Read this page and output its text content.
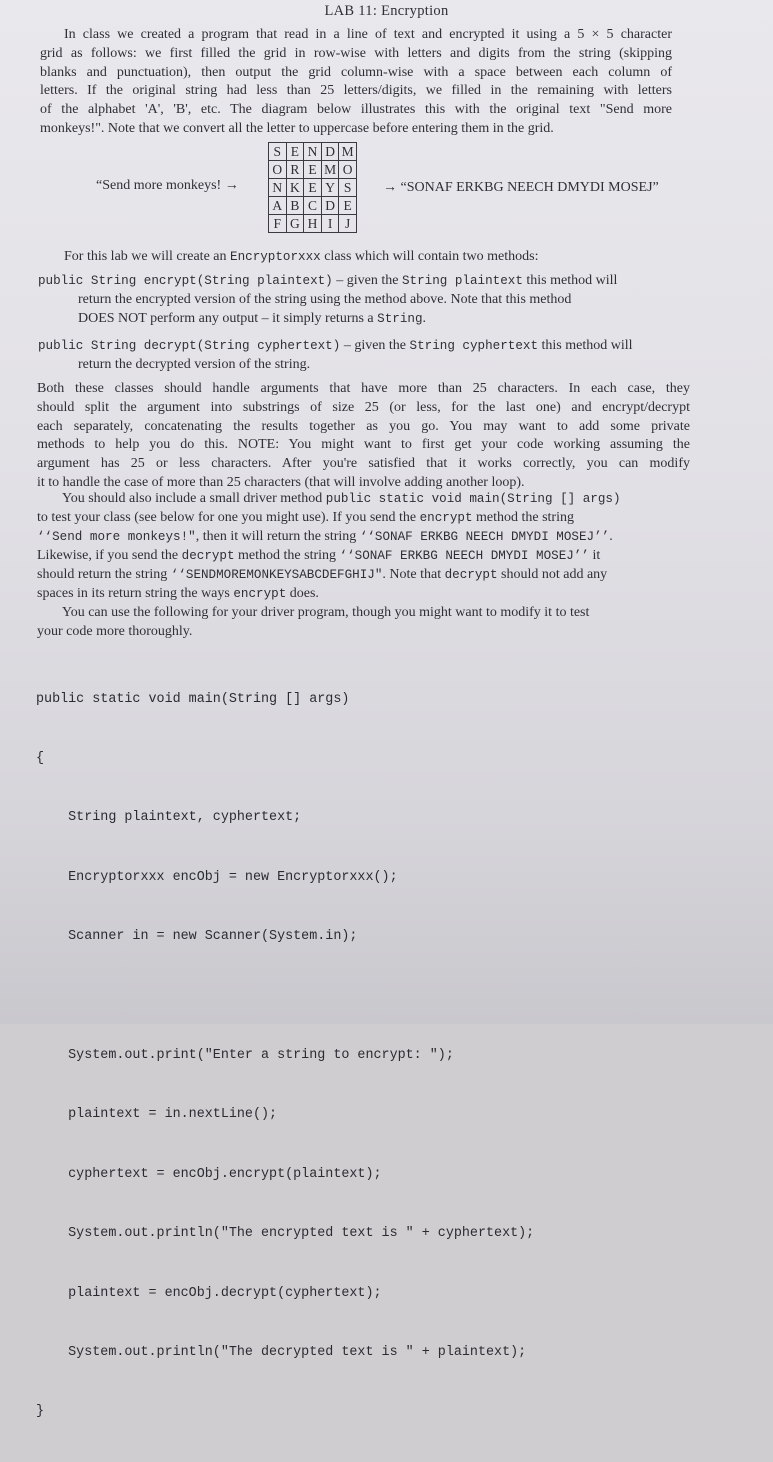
LAB 11: Encryption
In class we created a program that read in a line of text and encrypted it using a 5 × 5 character
grid as follows: we first filled the grid in row-wise with letters and digits from the string (skipping
blanks and punctuation), then output the grid column-wise with a space between each column of
letters. If the original string had less than 25 letters/digits, we filled in the remaining with letters
of the alphabet 'A', 'B', etc. The diagram below illustrates this with the original text "Send more
monkeys!". Note that we convert all the letter to uppercase before entering them in the grid.
“Send more monkeys! →
S	E	N	D	M
O	R	E	M	O
N	K	E	Y	S
A	B	C	D	E
F	G	H	I	J
→ “SONAF ERKBG NEECH DMYDI MOSEJ”
For this lab we will create an Encryptorxxx class which will contain two methods:
public String encrypt(String plaintext) – given the String plaintext this method will
return the encrypted version of the string using the method above. Note that this method
DOES NOT perform any output – it simply returns a String.
public String decrypt(String cyphertext) – given the String cyphertext this method will
return the decrypted version of the string.
Both these classes should handle arguments that have more than 25 characters. In each case, they
should split the argument into substrings of size 25 (or less, for the last one) and encrypt/decrypt
each separately, concatenating the results together as you go. You may want to add some private
methods to help you do this. NOTE: You might want to first get your code working assuming the
argument has 25 or less characters. After you're satisfied that it works correctly, you can modify
it to handle the case of more than 25 characters (that will involve adding another loop).
You should also include a small driver method public static void main(String [] args)
to test your class (see below for one you might use). If you send the encrypt method the string
‘‘Send more monkeys!", then it will return the string ‘‘SONAF ERKBG NEECH DMYDI MOSEJ’’.
Likewise, if you send the decrypt method the string ‘‘SONAF ERKBG NEECH DMYDI MOSEJ’’ it
should return the string ‘‘SENDMOREMONKEYSABCDEFGHIJ". Note that decrypt should not add any
spaces in its return string the ways encrypt does.
You can use the following for your driver program, though you might want to modify it to test
your code more thoroughly.

public static void main(String [] args)

{

String plaintext, cyphertext;

Encryptorxxx encObj = new Encryptorxxx();

Scanner in = new Scanner(System.in);

System.out.print("Enter a string to encrypt: ");

plaintext = in.nextLine();

cyphertext = encObj.encrypt(plaintext);

System.out.println("The encrypted text is " + cyphertext);

plaintext = encObj.decrypt(cyphertext);

System.out.println("The decrypted text is " + plaintext);

}
